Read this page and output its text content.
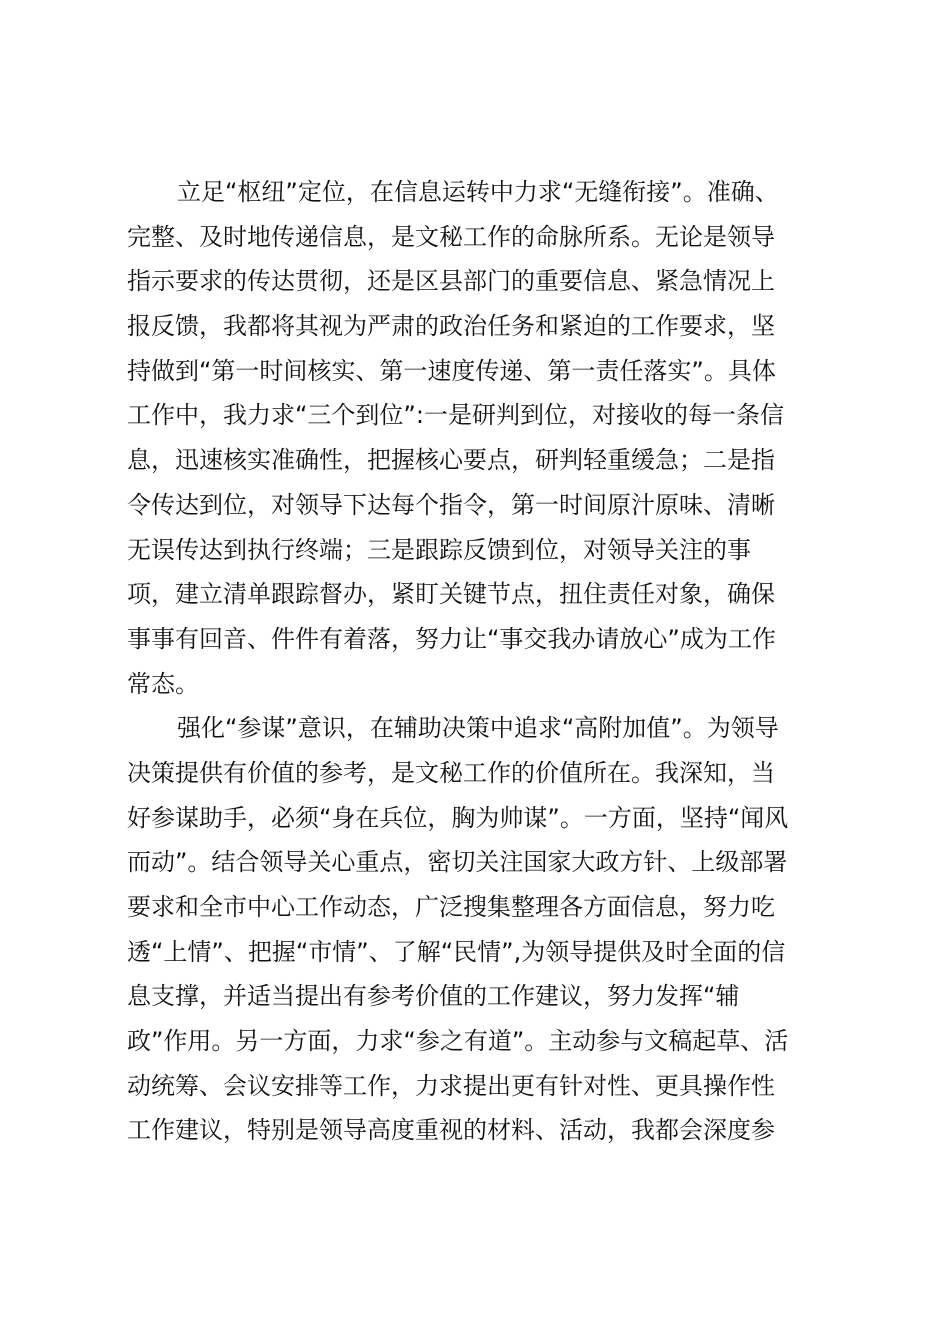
立足“枢纽”定位，在信息运转中力求“无缝衔接”。准确、
完整、及时地传递信息，是文秘工作的命脉所系。无论是领导
指示要求的传达贯彻，还是区县部门的重要信息、紧急情况上
报反馈，我都将其视为严肃的政治任务和紧迫的工作要求，坚
持做到“第一时间核实、第一速度传递、第一责任落实”。具体
工作中，我力求“三个到位”:一是研判到位，对接收的每一条信
息，迅速核实准确性，把握核心要点，研判轻重缓急；二是指
令传达到位，对领导下达每个指令，第一时间原汁原味、清晰
无误传达到执行终端；三是跟踪反馈到位，对领导关注的事
项，建立清单跟踪督办，紧盯关键节点，扭住责任对象，确保
事事有回音、件件有着落，努力让“事交我办请放心”成为工作
常态。
强化“参谋”意识，在辅助决策中追求“高附加值”。为领导
决策提供有价值的参考，是文秘工作的价值所在。我深知，当
好参谋助手，必须“身在兵位，胸为帅谋”。一方面，坚持“闻风
而动”。结合领导关心重点，密切关注国家大政方针、上级部署
要求和全市中心工作动态，广泛搜集整理各方面信息，努力吃
透“上情”、把握“市情”、了解“民情”,为领导提供及时全面的信
息支撑，并适当提出有参考价值的工作建议，努力发挥“辅
政”作用。另一方面，力求“参之有道”。主动参与文稿起草、活
动统筹、会议安排等工作，力求提出更有针对性、更具操作性
工作建议，特别是领导高度重视的材料、活动，我都会深度参
